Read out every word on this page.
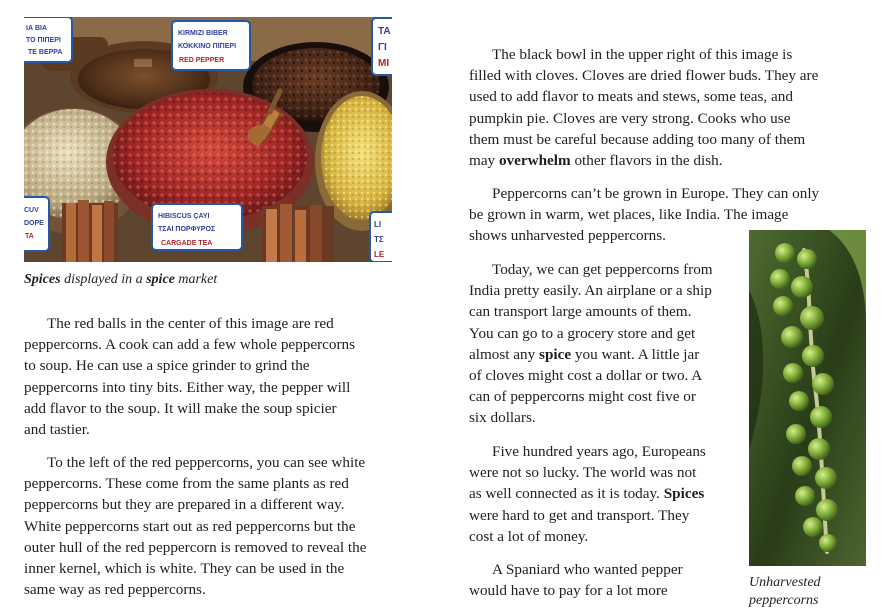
ΙΑ ΒΙΑ
ΤΟ ΠΙΠΕΡΙ
ΤΕ ΒΕΡΡΑ
KIRMIZI BIBER
ΚΟΚΚΙΝΟ ΠΙΠΕΡΙ
RED PEPPER
ΤΑ
ΓΙ
ΜΙ
CUV
DOPE
ΤΑ
HIBISCUS ÇAYI
ΤΣΑΙ ΠΟΡΦΥΡΟΣ
CARGADE TEA
LI
ΤΣ
LE
Spices displayed in a spice market
Unharvested
peppercorns

The red balls in the center of this image are red
peppercorns. A cook can add a few whole peppercorns
to soup. He can use a spice grinder to grind the
peppercorns into tiny bits. Either way, the pepper will
add flavor to the soup. It will make the soup spicier
and tastier.

To the left of the red peppercorns, you can see white
peppercorns. These come from the same plants as red
peppercorns but they are prepared in a different way.
White peppercorns start out as red peppercorns but the
outer hull of the red peppercorn is removed to reveal the
inner kernel, which is white. They can be used in the
same way as red peppercorns.

The black bowl in the upper right of this image is
filled with cloves. Cloves are dried flower buds. They are
used to add flavor to meats and stews, some teas, and
pumpkin pie. Cloves are very strong. Cooks who use
them must be careful because adding too many of them
may overwhelm other flavors in the dish.

Peppercorns can’t be grown in Europe. They can only
be grown in warm, wet places, like India. The image
shows unharvested peppercorns.

Today, we can get peppercorns from
India pretty easily. An airplane or a ship
can transport large amounts of them.
You can go to a grocery store and get
almost any spice you want. A little jar
of cloves might cost a dollar or two. A
can of peppercorns might cost five or
six dollars.

Five hundred years ago, Europeans
were not so lucky. The world was not
as well connected as it is today. Spices
were hard to get and transport. They
cost a lot of money.

A Spaniard who wanted pepper
would have to pay for a lot more
